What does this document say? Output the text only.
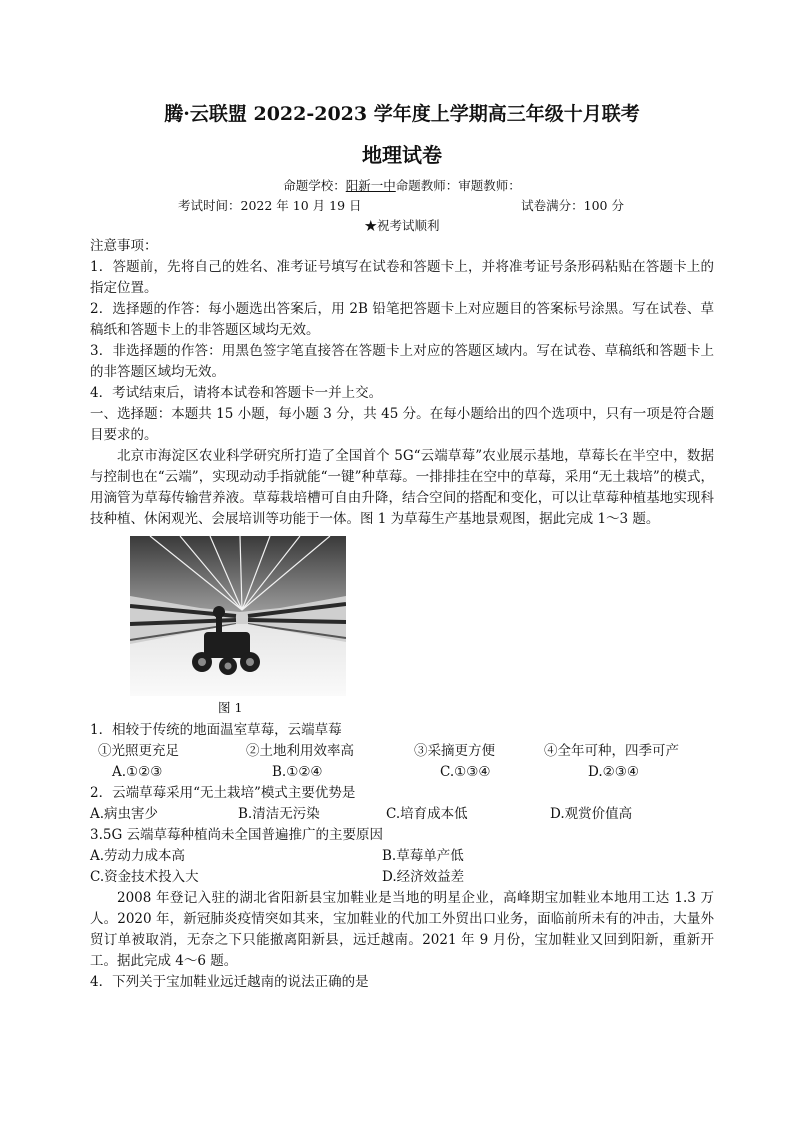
腾·云联盟 2022-2023 学年度上学期高三年级十月联考
地理试卷
命题学校：阳新一中命题教师：审题教师：
考试时间：2022 年 10 月 19 日	试卷满分：100 分
★祝考试顺利
注意事项：
1．答题前，先将自己的姓名、准考证号填写在试卷和答题卡上，并将准考证号条形码粘贴在答题卡上的指定位置。
2．选择题的作答：每小题选出答案后，用 2B 铅笔把答题卡上对应题目的答案标号涂黑。写在试卷、草稿纸和答题卡上的非答题区域均无效。
3．非选择题的作答：用黑色签字笔直接答在答题卡上对应的答题区域内。写在试卷、草稿纸和答题卡上的非答题区域均无效。
4．考试结束后，请将本试卷和答题卡一并上交。
一、选择题：本题共 15 小题，每小题 3 分，共 45 分。在每小题给出的四个选项中，只有一项是符合题目要求的。
北京市海淀区农业科学研究所打造了全国首个 5G“云端草莓”农业展示基地，草莓长在半空中，数据与控制也在“云端”，实现动动手指就能“一键”种草莓。一排排挂在空中的草莓，采用“无土栽培”的模式，用滴管为草莓传输营养液。草莓栽培槽可自由升降，结合空间的搭配和变化，可以让草莓种植基地实现科技种植、休闲观光、会展培训等功能于一体。图 1 为草莓生产基地景观图，据此完成 1～3 题。
图 1
1．相较于传统的地面温室草莓，云端草莓
①光照更充足	②土地利用效率高	③采摘更方便	④全年可种，四季可产
A.①②③	B.①②④	C.①③④	D.②③④
2．云端草莓采用“无土栽培”模式主要优势是
A.病虫害少	B.清洁无污染	C.培育成本低	D.观赏价值高
3.5G 云端草莓种植尚未全国普遍推广的主要原因
A.劳动力成本高	B.草莓单产低
C.资金技术投入大	D.经济效益差
2008 年登记入驻的湖北省阳新县宝加鞋业是当地的明星企业，高峰期宝加鞋业本地用工达 1.3 万人。2020 年，新冠肺炎疫情突如其来，宝加鞋业的代加工外贸出口业务，面临前所未有的冲击，大量外贸订单被取消，无奈之下只能撤离阳新县，远迁越南。2021 年 9 月份，宝加鞋业又回到阳新，重新开工。据此完成 4～6 题。
4．下列关于宝加鞋业远迁越南的说法正确的是
